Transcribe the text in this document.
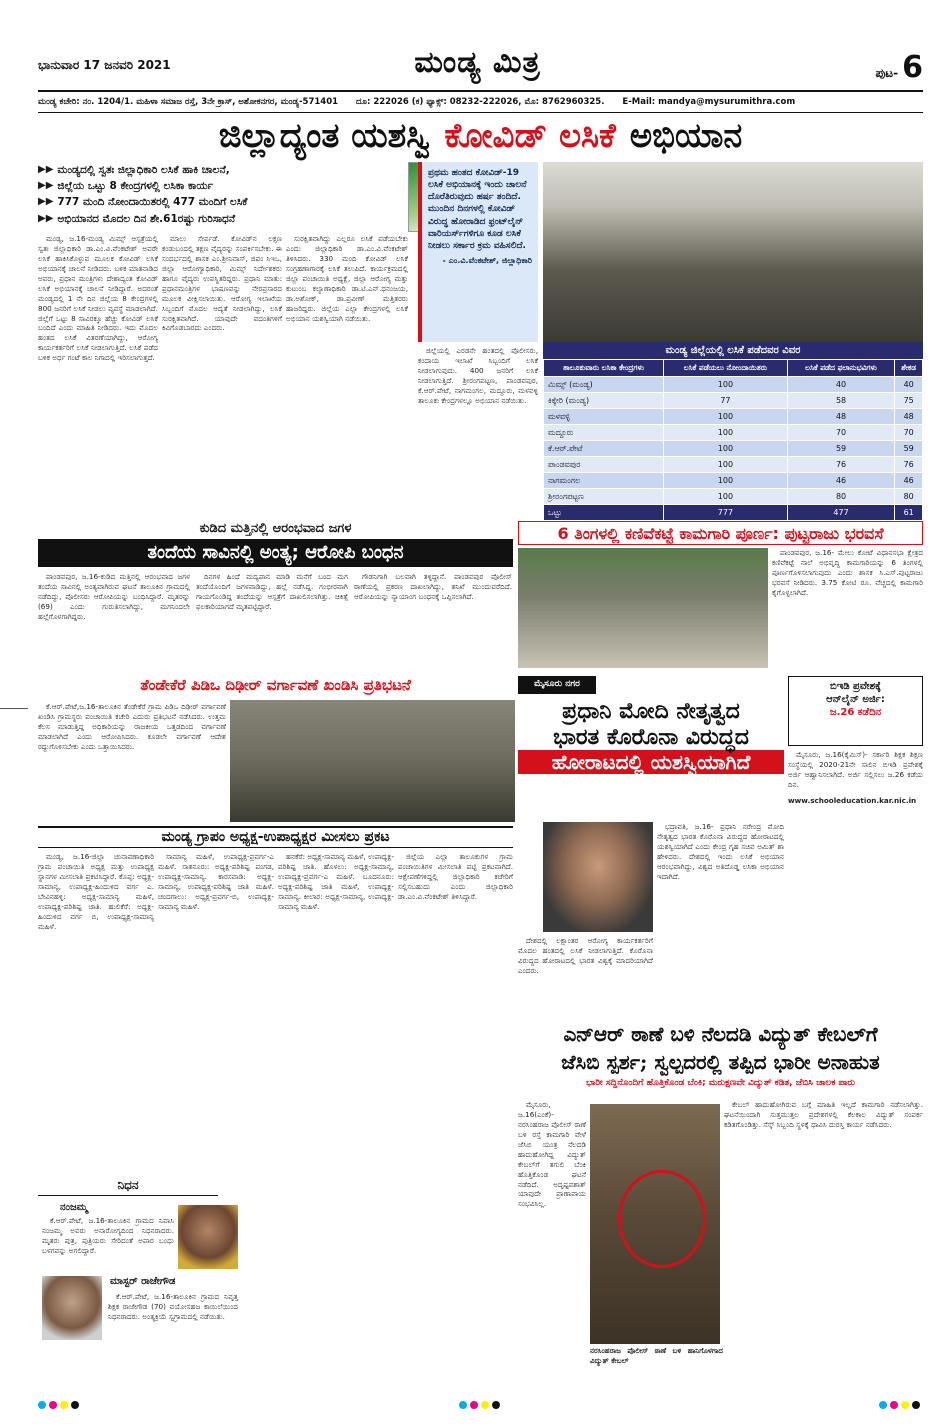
ಭಾನುವಾರ 17 ಜನವರಿ 2021	ಮಂಡ್ಯ ಮಿತ್ರ	ಪುಟ- 6
ಮಂಡ್ಯ ಕಚೇರಿ: ನಂ. 1204/1. ಮಹಿಳಾ ಸಮಾಜ ರಸ್ತೆ, 3ನೇ ಕ್ರಾಸ್, ಅಶೋಕನಗರ, ಮಂಡ್ಯ-571401 ದೂ: 222026 (ಕ) ಫ್ಯಾಕ್ಸ್: 08232-222026, ಮೊ: 8762960325. E-Mail: mandya@mysurumithra.com
ಜಿಲ್ಲಾದ್ಯಂತ ಯಶಸ್ವಿ ಕೋವಿಡ್ ಲಸಿಕೆ ಅಭಿಯಾನ
▶▶ ಮಂಡ್ಯದಲ್ಲಿ ಸ್ವತಃ ಜಿಲ್ಲಾಧಿಕಾರಿ ಲಸಿಕೆ ಹಾಕಿ ಚಾಲನೆ,
▶▶ ಜಿಲ್ಲೆಯ ಒಟ್ಟು 8 ಕೇಂದ್ರಗಳಲ್ಲಿ ಲಸಿಕಾ ಕಾರ್ಯ
▶▶ 777 ಮಂದಿ ನೋಂದಾಯಿತರಲ್ಲಿ 477 ಮಂದಿಗೆ ಲಸಿಕೆ
▶▶ ಅಭಿಯಾನದ ಮೊದಲ ದಿನ ಶೇ.61ರಷ್ಟು ಗುರಿಸಾಧನೆ

ಮಂಡ್ಯ, ಜ.16-ಮಂಡ್ಯ ಮಿಮ್ಸ್ ಆಸ್ಪತ್ರೆಯಲ್ಲಿ ಸ್ವತಃ ಜಿಲ್ಲಾಧಿಕಾರಿ ಡಾ.ಎಂ.ವಿ.ವೆಂಕಟೇಶ್ ಅವರೇ ಲಸಿಕೆ ಹಾಕಿಸಿಕೊಳ್ಳುವ ಮೂಲಕ ಕೋವಿಡ್ ಲಸಿಕೆ ಅಭಿಯಾನಕ್ಕೆ ಚಾಲನೆ ನೀಡಿದರು. ಬಳಿಕ ಮಾತನಾಡಿದ ಅವರು, ಪ್ರಧಾನ ಮಂತ್ರಿಗಳು ದೇಶಾದ್ಯಂತ ಕೋವಿಡ್ ಲಸಿಕೆ ಅಭಿಯಾನಕ್ಕೆ ಚಾಲನೆ ನೀಡಿದ್ದಾರೆ. ಅದರಂತೆ ಮಂಡ್ಯದಲ್ಲಿ 1 ನೇ ದಿನ ಜಿಲ್ಲೆಯ 8 ಕೇಂದ್ರಗಳಲ್ಲಿ 800 ಜನರಿಗೆ ಲಸಿಕೆ ನೀಡಲು ವ್ಯವಸ್ಥೆ ಮಾಡಲಾಗಿದೆ. ಜಿಲ್ಲೆಗೆ ಒಟ್ಟು 8 ಸಾವಿರಕ್ಕೂ ಹೆಚ್ಚು ಕೋವಿಡ್ ಲಸಿಕೆ ಬಂದಿದೆ ಎಂದು ಮಾಹಿತಿ ನೀಡಿದರು. ಇದು ಮೊದಲ ಹಂತದ ಲಸಿಕೆ ವಿತರಣೆಯಾಗಿದ್ದು, ಆರೋಗ್ಯ ಕಾರ್ಯಕರ್ತರಿಗೆ ಲಸಿಕೆ ನೀಡಲಾಗುತ್ತಿದೆ. ಲಸಿಕೆ ಪಡೆದ ಬಳಿಕ ಅರ್ಧ ಗಂಟೆ ಕಾಲ ನಿಗಾದಲ್ಲಿ ಇರಿಸಲಾಗುತ್ತದೆ.

ಮಾಲು ಸೇರ್ಪಡೆ. ಕೋವಿಡ್‌ನ ಲಕ್ಷಣ ಕಂಡುಬಂದಲ್ಲಿ ತಕ್ಷಣ ವೈದ್ಯರನ್ನು ಸಂಪರ್ಕಿಸಬೇಕು. ಈ ಸಂದರ್ಭದಲ್ಲಿ ಶಾಸಕ ಎಂ.ಶ್ರೀನಿವಾಸ್, ಜಿಪಂ ಸಿಇಒ, ಜಿಲ್ಲಾ ಆರೋಗ್ಯಾಧಿಕಾರಿ, ಮಿಮ್ಸ್ ನಿರ್ದೇಶಕರು ಹಾಗೂ ವೈದ್ಯರು ಉಪಸ್ಥಿತರಿದ್ದರು. ಪ್ರಧಾನಿ ಮಾತು: ಪ್ರಧಾನಮಂತ್ರಿಗಳ ಭಾಷಣವನ್ನು ನೇರಪ್ರಸಾರದ ಮೂಲಕ ವೀಕ್ಷಿಸಲಾಯಿತು. ಆರೋಗ್ಯ ಇಲಾಖೆಯ ಸಿಬ್ಬಂದಿಗೆ ಮೊದಲ ಆದ್ಯತೆ ನೀಡಲಾಗಿದ್ದು, ಲಸಿಕೆ ಸುರಕ್ಷಿತವಾಗಿದೆ. ಯಾವುದೇ ವದಂತಿಗಳಿಗೆ ಕಿವಿಗೊಡಬಾರದು ಎಂದರು.

ಸುರಕ್ಷಿತವಾಗಿದ್ದು ಎಲ್ಲರೂ ಲಸಿಕೆ ಪಡೆಯಬೇಕು ಎಂದು ಜಿಲ್ಲಾಧಿಕಾರಿ ಡಾ.ಎಂ.ವಿ.ವೆಂಕಟೇಶ್ ತಿಳಿಸಿದರು. 330 ಮಂದಿ ಕೋವಿಡ್ ಲಸಿಕೆ ಸಂಗ್ರಹಣಾಗಾರಕ್ಕೆ ಲಸಿಕೆ ತಲುಪಿದೆ. ಕಾರ್ಯಕ್ರಮದಲ್ಲಿ ಜಿಲ್ಲಾ ಪಂಚಾಯಿತಿ ಅಧ್ಯಕ್ಷೆ, ಜಿಲ್ಲಾ ಆರೋಗ್ಯ ಮತ್ತು ಕುಟುಂಬ ಕಲ್ಯಾಣಾಧಿಕಾರಿ ಡಾ.ಟಿ.ಎನ್.ಧನಂಜಯ, ಡಾ.ಅಶೋಕ್, ಡಾ.ಪ್ರವೀಣ್ ಮತ್ತಿತರರು ಹಾಜರಿದ್ದರು. ಜಿಲ್ಲೆಯ ಎಲ್ಲಾ ಕೇಂದ್ರಗಳಲ್ಲಿ ಲಸಿಕೆ ಅಭಿಯಾನ ಯಶಸ್ವಿಯಾಗಿ ನಡೆಯಿತು.

ಪ್ರಥಮ ಹಂತದ ಕೋವಿಡ್-19 ಲಸಿಕೆ ಅಭಿಯಾನಕ್ಕೆ ಇಂದು ಚಾಲನೆ ದೊರೆತಿರುವುದು ಹರ್ಷ ತಂದಿದೆ. ಮುಂದಿನ ದಿನಗಳಲ್ಲಿ ಕೋವಿಡ್ ವಿರುದ್ಧ ಹೋರಾಡಿದ ಫ್ರಂಟ್‌ಲೈನ್ ವಾರಿಯರ್ಸ್‌ಗಳಿಗೂ ಕೂಡ ಲಸಿಕೆ ನೀಡಲು ಸರ್ಕಾರ ಕ್ರಮ ವಹಿಸಲಿದೆ.
- ಎಂ.ವಿ.ವೆಂಕಟೇಶ್, ಜಿಲ್ಲಾಧಿಕಾರಿ

ಜಿಲ್ಲೆಯಲ್ಲಿ ಎರಡನೇ ಹಂತದಲ್ಲಿ ಪೊಲೀಸರು, ಕಂದಾಯ ಇಲಾಖೆ ಸಿಬ್ಬಂದಿಗೆ ಲಸಿಕೆ ನೀಡಲಾಗುವುದು. 400 ಜನರಿಗೆ ಲಸಿಕೆ ನೀಡಲಾಗುತ್ತಿದೆ. ಶ್ರೀರಂಗಪಟ್ಟಣ, ಪಾಂಡವಪುರ, ಕೆ.ಆರ್.ಪೇಟೆ, ನಾಗಮಂಗಲ, ಮದ್ದೂರು, ಮಳವಳ್ಳಿ ತಾಲೂಕು ಕೇಂದ್ರಗಳಲ್ಲೂ ಅಭಿಯಾನ ನಡೆಯಿತು.

ಮಂಡ್ಯ ಜಿಲ್ಲೆಯಲ್ಲಿ ಲಸಿಕೆ ಪಡೆದವರ ವಿವರ
ತಾಲೂಕುವಾರು ಲಸಿಕಾ ಕೇಂದ್ರಗಳು	ಲಸಿಕೆ ಪಡೆಯಲು ನೋಂದಾಯಿತರು	ಲಸಿಕೆ ಪಡೆದ ಫಲಾನುಭವಿಗಳು	ಶೇಕಡ
ಮಿಮ್ಸ್ (ಮಂಡ್ಯ)	100	40	40
ಕಿಕ್ಕೇರಿ (ಮಂಡ್ಯ)	77	58	75
ಮಳವಳ್ಳಿ	100	48	48
ಮದ್ದೂರು	100	70	70
ಕೆ.ಆರ್.ಪೇಟೆ	100	59	59
ಪಾಂಡವಪುರ	100	76	76
ನಾಗಮಂಗಲ	100	46	46
ಶ್ರೀರಂಗಪಟ್ಟಣ	100	80	80
ಒಟ್ಟು	777	477	61
ಕುಡಿದ ಮತ್ತಿನಲ್ಲಿ ಆರಂಭವಾದ ಜಗಳ
ತಂದೆಯ ಸಾವಿನಲ್ಲಿ ಅಂತ್ಯ; ಆರೋಪಿ ಬಂಧನ

ಪಾಂಡವಪುರ, ಜ.16-ಕುಡಿದ ಮತ್ತಿನಲ್ಲಿ ಆರಂಭವಾದ ಜಗಳ ತಂದೆಯ ಸಾವಿನಲ್ಲಿ ಅಂತ್ಯವಾಗಿರುವ ಘಟನೆ ತಾಲೂಕಿನ ಗ್ರಾಮದಲ್ಲಿ ನಡೆದಿದ್ದು, ಪೊಲೀಸರು ಆರೋಪಿಯನ್ನು ಬಂಧಿಸಿದ್ದಾರೆ. ಮೃತರನ್ನು (69) ಎಂದು ಗುರುತಿಸಲಾಗಿದ್ದು, ಮಗನಿಂದಲೇ ಹಲ್ಲೆಗೊಳಗಾಗಿದ್ದರು.

ದಿನಗಳ ಹಿಂದೆ ಮದ್ಯಪಾನ ಮಾಡಿ ಮನೆಗೆ ಬಂದ ಮಗ ತಂದೆಯೊಂದಿಗೆ ಜಗಳವಾಡಿದ್ದು, ಹಲ್ಲೆ ನಡೆಸಿದ್ದ. ಗಂಭೀರವಾಗಿ ಗಾಯಗೊಂಡಿದ್ದ ತಂದೆಯನ್ನು ಆಸ್ಪತ್ರೆಗೆ ದಾಖಲಿಸಲಾಗಿತ್ತು. ಚಿಕಿತ್ಸೆ ಫಲಕಾರಿಯಾಗದೆ ಮೃತಪಟ್ಟಿದ್ದಾರೆ.

ಗೌಡನಿಗಾಗಿ ಬಲವಾಗಿ ತಳ್ಳಿದ್ದಾನೆ. ಪಾಂಡವಪುರ ಪೊಲೀಸ್ ಠಾಣೆಯಲ್ಲಿ ಪ್ರಕರಣ ದಾಖಲಾಗಿದ್ದು, ತನಿಖೆ ಮುಂದುವರೆದಿದೆ. ಆರೋಪಿಯನ್ನು ನ್ಯಾಯಾಂಗ ಬಂಧನಕ್ಕೆ ಒಪ್ಪಿಸಲಾಗಿದೆ.

6 ತಿಂಗಳಲ್ಲಿ ಕಣಿವೆಕಟ್ಟೆ ಕಾಮಗಾರಿ ಪೂರ್ಣ: ಪುಟ್ಟರಾಜು ಭರವಸೆ

ಪಾಂಡವಪುರ, ಜ.16- ಮೇಲು ಕೋಟೆ ವಿಧಾನಸಭಾ ಕ್ಷೇತ್ರದ ಕಣಿವೆಕಟ್ಟೆ ನಾಲೆ ಅಭಿವೃದ್ಧಿ ಕಾಮಗಾರಿಯನ್ನು 6 ತಿಂಗಳಲ್ಲಿ ಪೂರ್ಣಗೊಳಿಸಲಾಗುವುದು ಎಂದು ಶಾಸಕ ಸಿ.ಎಸ್.ಪುಟ್ಟರಾಜು ಭರವಸೆ ನೀಡಿದರು. 3.75 ಕೋಟಿ ರೂ. ವೆಚ್ಚದಲ್ಲಿ ಕಾಮಗಾರಿ ಕೈಗೊಳ್ಳಲಾಗಿದೆ.

ತೆಂಡೇಕೆರೆ ಪಿಡಿಒ ದಿಢೀರ್ ವರ್ಗಾವಣೆ ಖಂಡಿಸಿ ಪ್ರತಿಭಟನೆ

ಕೆ.ಆರ್.ಪೇಟೆ,ಜ.16-ತಾಲೂಕಿನ ತೆಂಡೇಕೆರೆ ಗ್ರಾಮ ಪಿಡಿಒ ದಿಢೀರ್ ವರ್ಗಾವಣೆ ಖಂಡಿಸಿ ಗ್ರಾಮಸ್ಥರು ಪಂಚಾಯಿತಿ ಕಚೇರಿ ಎದುರು ಪ್ರತಿಭಟನೆ ನಡೆಸಿದರು. ಉತ್ತಮ ಕೆಲಸ ಮಾಡುತ್ತಿದ್ದ ಅಧಿಕಾರಿಯನ್ನು ರಾಜಕೀಯ ಒತ್ತಡದಿಂದ ವರ್ಗಾವಣೆ ಮಾಡಲಾಗಿದೆ ಎಂದು ಆರೋಪಿಸಿದರು. ಕೂಡಲೇ ವರ್ಗಾವಣೆ ಆದೇಶ ರದ್ದುಗೊಳಿಸಬೇಕು ಎಂದು ಒತ್ತಾಯಿಸಿದರು.

ಮೈಸೂರು ನಗರ
ಪ್ರಧಾನಿ ಮೋದಿ ನೇತೃತ್ವದ
ಭಾರತ ಕೊರೊನಾ ವಿರುದ್ಧದ
ಹೋರಾಟದಲ್ಲಿ ಯಶಸ್ವಿಯಾಗಿದೆ
ಬಿಇಡಿ ಪ್ರವೇಶಕ್ಕೆ
ಆನ್‌ಲೈನ್ ಅರ್ಜಿ:
ಜ.26 ಕಡೆದಿನ

ಮೈಸೂರು, ಜ.16(ಕೈಮಿಸ್)- ಸರ್ಕಾರಿ ಶಿಕ್ಷಕ ಶಿಕ್ಷಣ ಸಂಸ್ಥೆಯಲ್ಲಿ 2020-21ನೇ ಸಾಲಿನ ಬಿಇಡಿ ಪ್ರವೇಶಕ್ಕೆ ಅರ್ಜಿ ಆಹ್ವಾನಿಸಲಾಗಿದೆ. ಅರ್ಜಿ ಸಲ್ಲಿಸಲು ಜ.26 ಕಡೆಯ ದಿನ.

www.schooleducation.kar.nic.in

ಭದ್ರಾವತಿ, ಜ.16- ಪ್ರಧಾನಿ ನರೇಂದ್ರ ಮೋದಿ ನೇತೃತ್ವದ ಭಾರತ ಕೊರೊನಾ ವಿರುದ್ಧದ ಹೋರಾಟದಲ್ಲಿ ಯಶಸ್ವಿಯಾಗಿದೆ ಎಂದು ಕೇಂದ್ರ ಗೃಹ ಸಚಿವ ಅಮಿತ್ ಶಾ ಹೇಳಿದರು. ದೇಶದಲ್ಲಿ ಇಂದು ಲಸಿಕೆ ಅಭಿಯಾನ ಆರಂಭವಾಗಿದ್ದು, ವಿಶ್ವದ ಅತಿದೊಡ್ಡ ಲಸಿಕಾ ಅಭಿಯಾನ ಇದಾಗಿದೆ.

ದೇಶದಲ್ಲಿ ಲಕ್ಷಾಂತರ ಆರೋಗ್ಯ ಕಾರ್ಯಕರ್ತರಿಗೆ ಮೊದಲ ಹಂತದಲ್ಲಿ ಲಸಿಕೆ ನೀಡಲಾಗುತ್ತಿದೆ. ಕೊರೊನಾ ವಿರುದ್ಧದ ಹೋರಾಟದಲ್ಲಿ ಭಾರತ ವಿಶ್ವಕ್ಕೆ ಮಾದರಿಯಾಗಿದೆ ಎಂದರು.

ಮಂಡ್ಯ ಗ್ರಾಪಂ ಅಧ್ಯಕ್ಷ-ಉಪಾಧ್ಯಕ್ಷರ ಮೀಸಲು ಪ್ರಕಟ

ಮಂಡ್ಯ, ಜ.16-ಜಿಲ್ಲಾ ಚುನಾವಣಾಧಿಕಾರಿ ಗ್ರಾಮ ಪಂಚಾಯಿತಿ ಅಧ್ಯಕ್ಷ ಮತ್ತು ಉಪಾಧ್ಯಕ್ಷ ಸ್ಥಾನಗಳ ಮೀಸಲಾತಿ ಪ್ರಕಟಿಸಿದ್ದಾರೆ. ಕೊಪ್ಪ: ಅಧ್ಯಕ್ಷ-ಸಾಮಾನ್ಯ, ಉಪಾಧ್ಯಕ್ಷ-ಹಿಂದುಳಿದ ವರ್ಗ ಎ. ಬೇವಿನಹಳ್ಳಿ: ಅಧ್ಯಕ್ಷ-ಸಾಮಾನ್ಯ ಮಹಿಳೆ, ಉಪಾಧ್ಯಕ್ಷ-ಪರಿಶಿಷ್ಟ ಜಾತಿ. ಹುಲಿಕೆರೆ: ಅಧ್ಯಕ್ಷ-ಹಿಂದುಳಿದ ವರ್ಗ ಬಿ, ಉಪಾಧ್ಯಕ್ಷ-ಸಾಮಾನ್ಯ ಮಹಿಳೆ.

ಸಾಮಾನ್ಯ ಮಹಿಳೆ, ಉಪಾಧ್ಯಕ್ಷ-ಪ್ರವರ್ಗ-ಎ ಮಹಿಳೆ. ಸಾತನೂರು: ಅಧ್ಯಕ್ಷ-ಪರಿಶಿಷ್ಟ ಪಂಗಡ, ಉಪಾಧ್ಯಕ್ಷ-ಸಾಮಾನ್ಯ. ಕಾರಸವಾಡಿ: ಅಧ್ಯಕ್ಷ-ಸಾಮಾನ್ಯ, ಉಪಾಧ್ಯಕ್ಷ-ಪರಿಶಿಷ್ಟ ಜಾತಿ ಮಹಿಳೆ. ಚಂದಗಾಲು: ಅಧ್ಯಕ್ಷ-ಪ್ರವರ್ಗ-ಬಿ, ಉಪಾಧ್ಯಕ್ಷ-ಸಾಮಾನ್ಯ ಮಹಿಳೆ.

ಹನಕೆರೆ: ಅಧ್ಯಕ್ಷ-ಸಾಮಾನ್ಯ ಮಹಿಳೆ, ಉಪಾಧ್ಯಕ್ಷ-ಪರಿಶಿಷ್ಟ ಜಾತಿ. ಹೊಳಲು: ಅಧ್ಯಕ್ಷ-ಸಾಮಾನ್ಯ, ಉಪಾಧ್ಯಕ್ಷ-ಪ್ರವರ್ಗ-ಎ ಮಹಿಳೆ. ಬೂದನೂರು: ಅಧ್ಯಕ್ಷ-ಪರಿಶಿಷ್ಟ ಜಾತಿ ಮಹಿಳೆ, ಉಪಾಧ್ಯಕ್ಷ-ಸಾಮಾನ್ಯ. ಕೀಲಾರ: ಅಧ್ಯಕ್ಷ-ಸಾಮಾನ್ಯ, ಉಪಾಧ್ಯಕ್ಷ-ಸಾಮಾನ್ಯ ಮಹಿಳೆ.

ಜಿಲ್ಲೆಯ ಎಲ್ಲಾ ತಾಲೂಕುಗಳ ಗ್ರಾಮ ಪಂಚಾಯಿತಿಗಳ ಮೀಸಲಾತಿ ಪಟ್ಟಿ ಪ್ರಕಟವಾಗಿದೆ. ಆಕ್ಷೇಪಣೆಗಳಿದ್ದಲ್ಲಿ ಜಿಲ್ಲಾಧಿಕಾರಿ ಕಚೇರಿಗೆ ಸಲ್ಲಿಸಬಹುದು ಎಂದು ಜಿಲ್ಲಾಧಿಕಾರಿ ಡಾ.ಎಂ.ವಿ.ವೆಂಕಟೇಶ್ ತಿಳಿಸಿದ್ದಾರೆ.

ನಿಧನ
ನಂಜಮ್ಮ

ಕೆ.ಆರ್.ಪೇಟೆ, ಜ.16-ತಾಲೂಕಿನ ಗ್ರಾಮದ ನಿವಾಸಿ ನಂಜಮ್ಮ ಅವರು ಅನಾರೋಗ್ಯದಿಂದ ನಿಧನರಾದರು. ಮೃತರು ಪುತ್ರ, ಪುತ್ರಿಯರು ಸೇರಿದಂತೆ ಅಪಾರ ಬಂಧು ಬಳಗವನ್ನು ಅಗಲಿದ್ದಾರೆ.

ಮಾಸ್ಟರ್ ರಾಜೇಗೌಡ

ಕೆ.ಆರ್.ಪೇಟೆ, ಜ.16-ತಾಲೂಕಿನ ಗ್ರಾಮದ ನಿವೃತ್ತ ಶಿಕ್ಷಕ ರಾಜೇಗೌಡ (70) ವಯೋಸಹಜ ಕಾಯಿಲೆಯಿಂದ ನಿಧನರಾದರು. ಅಂತ್ಯಕ್ರಿಯೆ ಸ್ವಗ್ರಾಮದಲ್ಲಿ ನಡೆಯಿತು.

ಎನ್‌ಆರ್ ಠಾಣೆ ಬಳಿ ನೆಲದಡಿ ವಿದ್ಯುತ್ ಕೇಬಲ್‌ಗೆ
ಜೆಸಿಬಿ ಸ್ಪರ್ಶ; ಸ್ವಲ್ಪದರಲ್ಲಿ ತಪ್ಪಿದ ಭಾರೀ ಅನಾಹುತ
ಭಾರೀ ಸದ್ದಿನೊಂದಿಗೆ ಹೊತ್ತಿಕೊಂಡ ಬೆಂಕಿ; ಮರುಕ್ಷಣವೇ ವಿದ್ಯುತ್ ಕಡಿತ, ಜೆಬಿಸಿ ಚಾಲಕ ಪಾರು

ಮೈಸೂರು, ಜ.16(ಎಂಕೆ)- ನರಸಿಂಹರಾಜ ಪೊಲೀಸ್ ಠಾಣೆ ಬಳಿ ರಸ್ತೆ ಕಾಮಗಾರಿ ವೇಳೆ ಜೆಸಿಬಿ ಯಂತ್ರ ನೆಲದಡಿ ಹಾದುಹೋಗಿದ್ದ ವಿದ್ಯುತ್ ಕೇಬಲ್‌ಗೆ ತಗುಲಿ ಬೆಂಕಿ ಹೊತ್ತಿಕೊಂಡ ಘಟನೆ ನಡೆದಿದೆ. ಅದೃಷ್ಟವಶಾತ್ ಯಾವುದೇ ಪ್ರಾಣಾಪಾಯ ಸಂಭವಿಸಿಲ್ಲ.

ಕೇಬಲ್ ಹಾದುಹೋಗಿರುವ ಬಗ್ಗೆ ಮಾಹಿತಿ ಇಲ್ಲದೆ ಕಾಮಗಾರಿ ನಡೆಸಲಾಗಿತ್ತು. ಘಟನೆಯಿಂದಾಗಿ ಸುತ್ತಮುತ್ತಲ ಪ್ರದೇಶಗಳಲ್ಲಿ ಕೆಲಕಾಲ ವಿದ್ಯುತ್ ಸಂಪರ್ಕ ಕಡಿತಗೊಂಡಿತ್ತು. ಸೆಸ್ಕ್ ಸಿಬ್ಬಂದಿ ಸ್ಥಳಕ್ಕೆ ಧಾವಿಸಿ ದುರಸ್ತಿ ಕಾರ್ಯ ನಡೆಸಿದರು.

ನರಸಿಂಹರಾಜ ಪೊಲೀಸ್ ಠಾಣೆ ಬಳಿ ಹಾನಿಗೊಳಗಾದ ವಿದ್ಯುತ್ ಕೇಬಲ್
